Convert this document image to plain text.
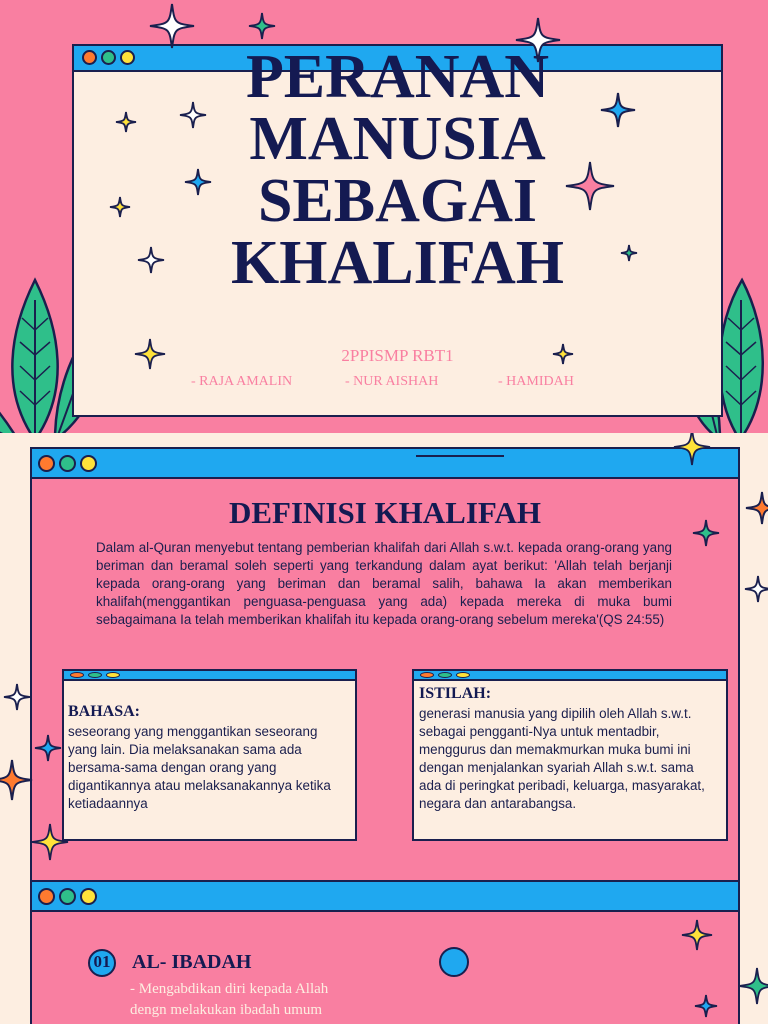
PERANAN
MANUSIA
SEBAGAI
KHALIFAH
2PPISMP RBT1
- RAJA AMALIN	- NUR AISHAH	- HAMIDAH
DEFINISI KHALIFAH
Dalam al-Quran menyebut tentang pemberian khalifah dari Allah s.w.t. kepada orang-orang yang beriman dan beramal soleh seperti yang terkandung dalam ayat berikut: 'Allah telah berjanji kepada orang-orang yang beriman dan beramal salih, bahawa Ia akan memberikan khalifah(menggantikan penguasa-penguasa yang ada) kepada mereka di muka bumi sebagaimana Ia telah memberikan khalifah itu kepada orang-orang sebelum mereka'(QS 24:55)
BAHASA:
seseorang yang menggantikan seseorang yang lain. Dia melaksanakan sama ada bersama-sama dengan orang yang digantikannya atau melaksanakannya ketika ketiadaannya
ISTILAH:
generasi manusia yang dipilih oleh Allah s.w.t. sebagai pengganti-Nya untuk mentadbir, menggurus dan memakmurkan muka bumi ini dengan menjalankan syariah Allah s.w.t. sama ada di peringkat peribadi, keluarga, masyarakat, negara dan antarabangsa.
01 AL- IBADAH
- Mengabdikan diri kepada Allah
dengn melakukan ibadah umum
